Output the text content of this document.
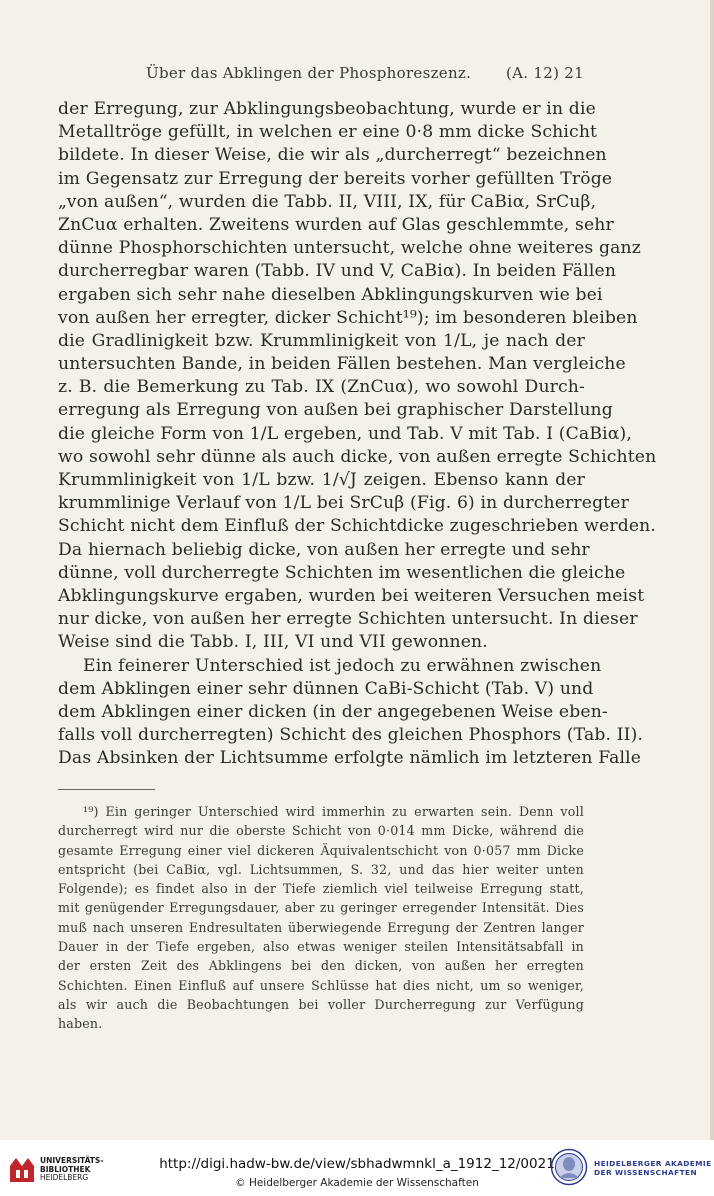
Über das Abklingen der Phosphoreszenz. (A. 12) 21
der Erregung, zur Abklingungsbeobachtung, wurde er in die
Metalltröge gefüllt, in welchen er eine 0·8 mm dicke Schicht
bildete. In dieser Weise, die wir als „durcherregt“ bezeichnen
im Gegensatz zur Erregung der bereits vorher gefüllten Tröge
„von außen“, wurden die Tabb. II, VIII, IX, für CaBiα, SrCuβ,
ZnCuα erhalten. Zweitens wurden auf Glas geschlemmte, sehr
dünne Phosphorschichten untersucht, welche ohne weiteres ganz
durcherregbar waren (Tabb. IV und V, CaBiα). In beiden Fällen
ergaben sich sehr nahe dieselben Abklingungskurven wie bei
von außen her erregter, dicker Schicht¹⁹); im besonderen bleiben
die Gradlinigkeit bzw. Krummlinigkeit von 1/L, je nach der
untersuchten Bande, in beiden Fällen bestehen. Man vergleiche
z. B. die Bemerkung zu Tab. IX (ZnCuα), wo sowohl Durch-
erregung als Erregung von außen bei graphischer Darstellung
die gleiche Form von 1/L ergeben, und Tab. V mit Tab. I (CaBiα),
wo sowohl sehr dünne als auch dicke, von außen erregte Schichten
Krummlinigkeit von 1/L bzw. 1/√J zeigen. Ebenso kann der
krummlinige Verlauf von 1/L bei SrCuβ (Fig. 6) in durcherregter
Schicht nicht dem Einfluß der Schichtdicke zugeschrieben werden.
Da hiernach beliebig dicke, von außen her erregte und sehr
dünne, voll durcherregte Schichten im wesentlichen die gleiche
Abklingungskurve ergaben, wurden bei weiteren Versuchen meist
nur dicke, von außen her erregte Schichten untersucht. In dieser
Weise sind die Tabb. I, III, VI und VII gewonnen.
Ein feinerer Unterschied ist jedoch zu erwähnen zwischen
dem Abklingen einer sehr dünnen CaBi-Schicht (Tab. V) und
dem Abklingen einer dicken (in der angegebenen Weise eben-
falls voll durcherregten) Schicht des gleichen Phosphors (Tab. II).
Das Absinken der Lichtsumme erfolgte nämlich im letzteren Falle
¹⁹) Ein geringer Unterschied wird immerhin zu erwarten sein. Denn voll
durcherregt wird nur die oberste Schicht von 0·014 mm Dicke, während die
gesamte Erregung einer viel dickeren Äquivalentschicht von 0·057 mm Dicke
entspricht (bei CaBiα, vgl. Lichtsummen, S. 32, und das hier weiter unten
Folgende); es findet also in der Tiefe ziemlich viel teilweise Erregung statt,
mit genügender Erregungsdauer, aber zu geringer erregender Intensität. Dies
muß nach unseren Endresultaten überwiegende Erregung der Zentren langer
Dauer in der Tiefe ergeben, also etwas weniger steilen Intensitätsabfall in
der ersten Zeit des Abklingens bei den dicken, von außen her erregten
Schichten. Einen Einfluß auf unsere Schlüsse hat dies nicht, um so weniger,
als wir auch die Beobachtungen bei voller Durcherregung zur Verfügung
haben.
UNIVERSITÄTS-
BIBLIOTHEK
HEIDELBERG
http://digi.hadw-bw.de/view/sbhadwmnkl_a_1912_12/0021
© Heidelberger Akademie der Wissenschaften
HEIDELBERGER AKADEMIE
DER WISSENSCHAFTEN
